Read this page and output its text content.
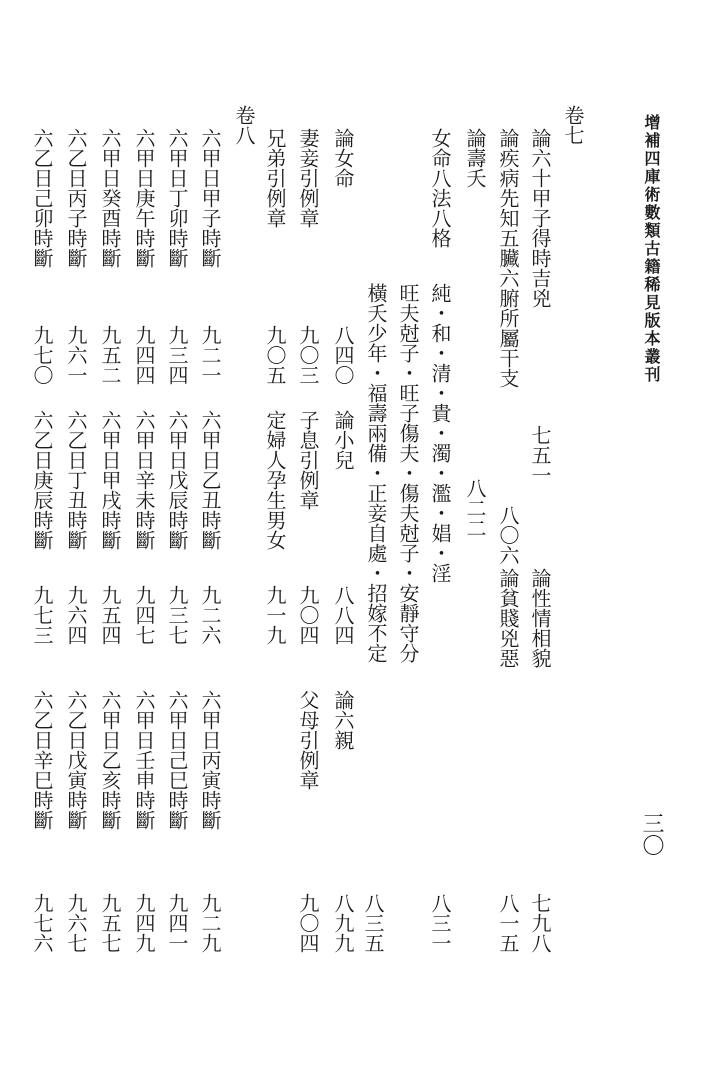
增補四庫術數類古籍稀見版本叢刊
三〇
卷七
論六十甲子得時吉兇
七五一
論性情相貌
七九八
論疾病先知五臟六腑所屬干支
八〇六
論貧賤兇惡
八一五
論壽夭
八二二
八三一
女命八法八格
純・和・清・貴・濁・濫・娼・淫
旺夫尅子・旺子傷夫・傷夫尅子・安靜守分
八三五
橫夭少年・福壽兩備・正妾自處・招嫁不定
論女命
八四〇
論小兒
八八四
論六親
八九九
妻妾引例章
九〇三
子息引例章
九〇四
父母引例章
九〇四
兄弟引例章
九〇五
定婦人孕生男女
九一九
卷八
六甲日甲子時斷
九二一
六甲日乙丑時斷
九二六
六甲日丙寅時斷
九二九
六甲日丁卯時斷
九三四
六甲日戊辰時斷
九三七
六甲日己巳時斷
九四一
六甲日庚午時斷
九四四
六甲日辛未時斷
九四七
六甲日壬申時斷
九四九
六甲日癸酉時斷
九五二
六甲日甲戌時斷
九五四
六甲日乙亥時斷
九五七
六乙日丙子時斷
九六一
六乙日丁丑時斷
九六四
六乙日戊寅時斷
九六七
六乙日己卯時斷
九七〇
六乙日庚辰時斷
九七三
六乙日辛巳時斷
九七六
